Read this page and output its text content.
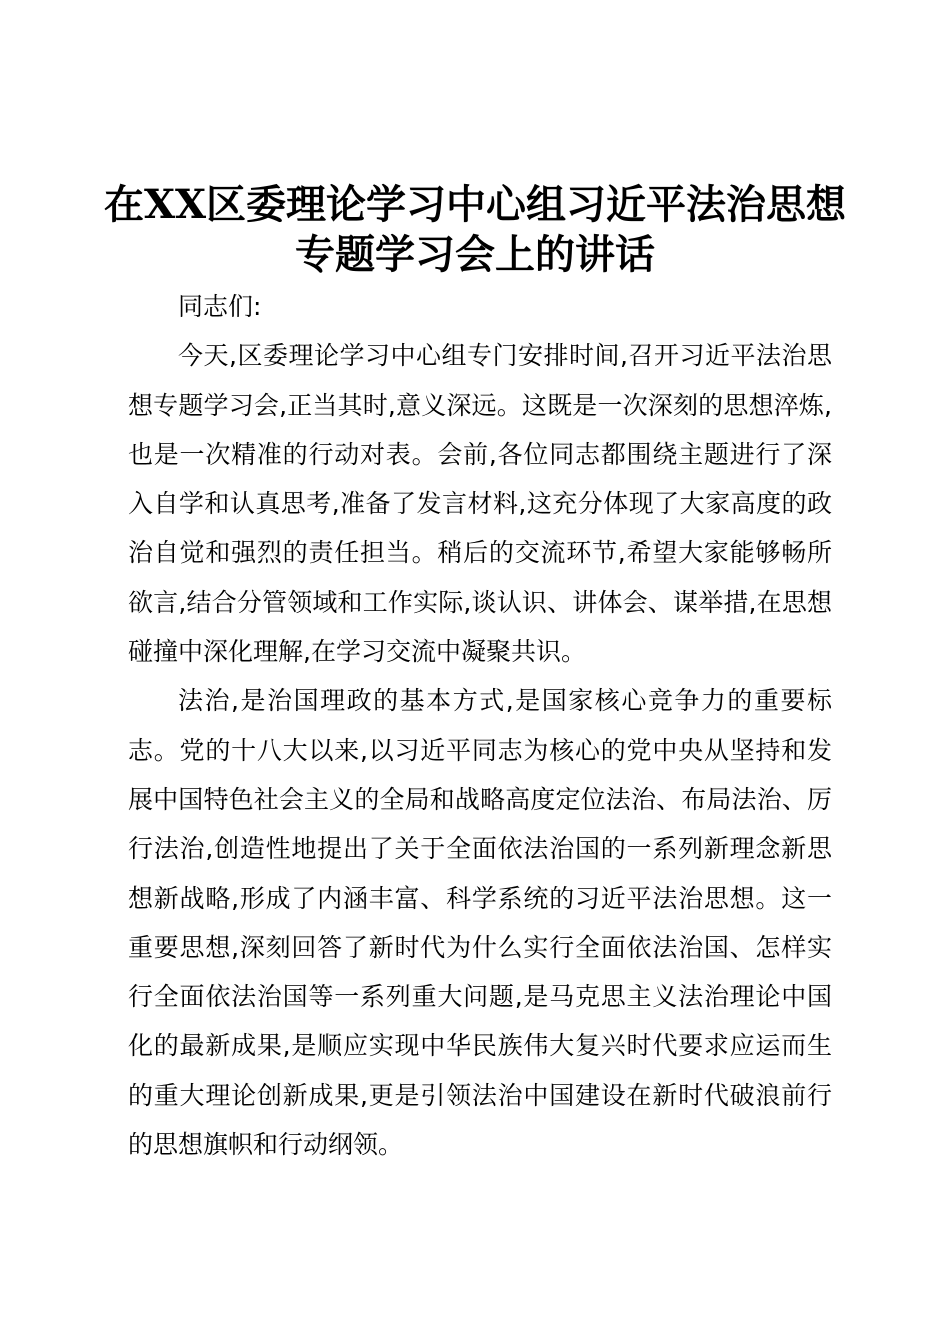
在XX区委理论学习中心组习近平法治思想专题学习会上的讲话

同志们:

今天,区委理论学习中心组专门安排时间,召开习近平法治思想专题学习会,正当其时,意义深远。这既是一次深刻的思想淬炼,也是一次精准的行动对表。会前,各位同志都围绕主题进行了深入自学和认真思考,准备了发言材料,这充分体现了大家高度的政治自觉和强烈的责任担当。稍后的交流环节,希望大家能够畅所欲言,结合分管领域和工作实际,谈认识、讲体会、谋举措,在思想碰撞中深化理解,在学习交流中凝聚共识。

法治,是治国理政的基本方式,是国家核心竞争力的重要标志。党的十八大以来,以习近平同志为核心的党中央从坚持和发展中国特色社会主义的全局和战略高度定位法治、布局法治、厉行法治,创造性地提出了关于全面依法治国的一系列新理念新思想新战略,形成了内涵丰富、科学系统的习近平法治思想。这一重要思想,深刻回答了新时代为什么实行全面依法治国、怎样实行全面依法治国等一系列重大问题,是马克思主义法治理论中国化的最新成果,是顺应实现中华民族伟大复兴时代要求应运而生的重大理论创新成果,更是引领法治中国建设在新时代破浪前行的思想旗帜和行动纲领。
